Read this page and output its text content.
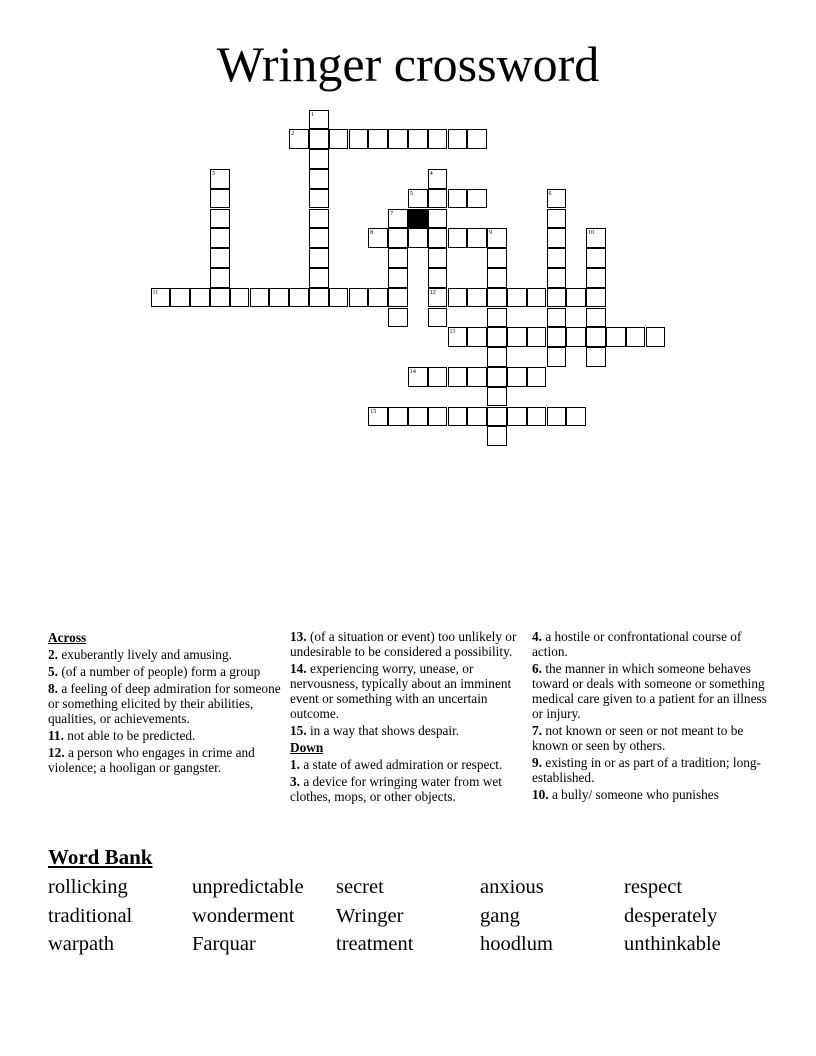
Wringer crossword
1
2
3	4
12
5	6
7
8	9	10
11
13
14
15
Across
2. exuberantly lively and amusing.
5. (of a number of people) form a group
8. a feeling of deep admiration for someone or something elicited by their abilities, qualities, or achievements.
11. not able to be predicted.
12. a person who engages in crime and violence; a hooligan or gangster.
13. (of a situation or event) too unlikely or undesirable to be considered a possibility.
14. experiencing worry, unease, or nervousness, typically about an imminent event or something with an uncertain outcome.
15. in a way that shows despair.
Down
1. a state of awed admiration or respect.
3. a device for wringing water from wet clothes, mops, or other objects.
4. a hostile or confrontational course of action.
6. the manner in which someone behaves toward or deals with someone or something medical care given to a patient for an illness or injury.
7. not known or seen or not meant to be known or seen by others.
9. existing in or as part of a tradition; long-established.
10. a bully/ someone who punishes
Word Bank
rollicking	unpredictable	secret	anxious	respect
traditional	wonderment	Wringer	gang	desperately
warpath	Farquar	treatment	hoodlum	unthinkable
